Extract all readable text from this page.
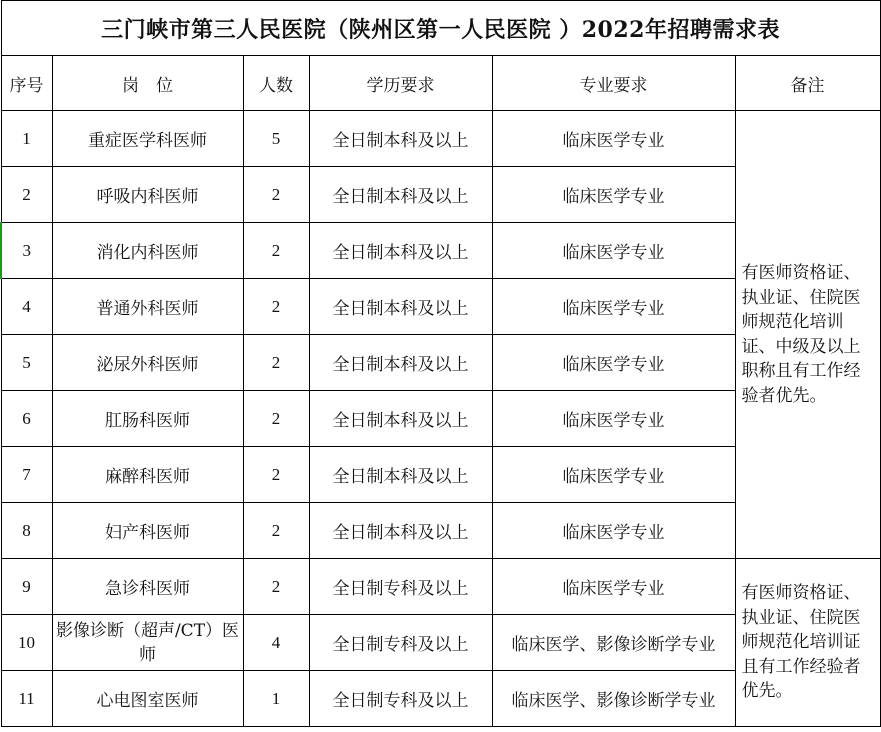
三门峡市第三人民医院（陕州区第一人民医院 ）2022年招聘需求表					
序号	岗　位	人数	学历要求	专业要求	备注
1	重症医学科医师	5	全日制本科及以上	临床医学专业	有医师资格证、执业证、住院医师规范化培训证、中级及以上职称且有工作经验者优先。
2	呼吸内科医师	2	全日制本科及以上	临床医学专业	
3	消化内科医师	2	全日制本科及以上	临床医学专业	
4	普通外科医师	2	全日制本科及以上	临床医学专业	
5	泌尿外科医师	2	全日制本科及以上	临床医学专业	
6	肛肠科医师	2	全日制本科及以上	临床医学专业	
7	麻醉科医师	2	全日制本科及以上	临床医学专业	
8	妇产科医师	2	全日制本科及以上	临床医学专业	
9	急诊科医师	2	全日制专科及以上	临床医学专业	有医师资格证、执业证、住院医师规范化培训证且有工作经验者优先。
10	影像诊断（超声/CT）医师	4	全日制专科及以上	临床医学、影像诊断学专业	
11	心电图室医师	1	全日制专科及以上	临床医学、影像诊断学专业	
